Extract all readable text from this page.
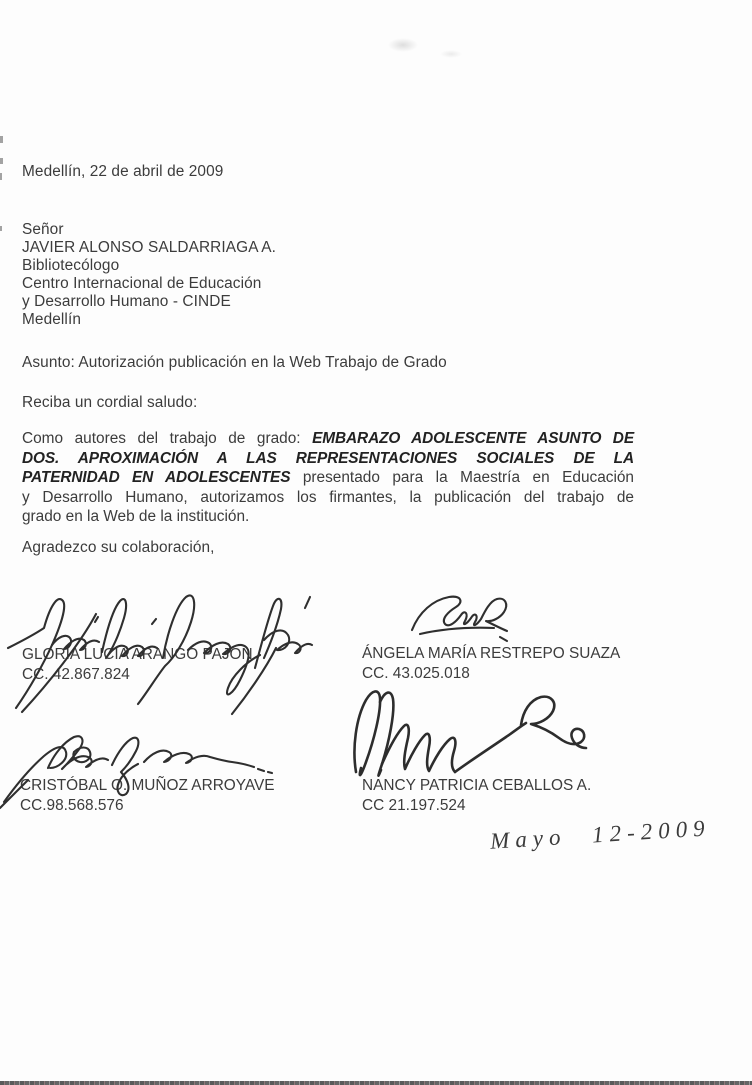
Medellín, 22 de abril de 2009
Señor
JAVIER ALONSO SALDARRIAGA A.
Bibliotecólogo
Centro Internacional de Educación
y Desarrollo Humano - CINDE
Medellín
Asunto: Autorización publicación en la Web Trabajo de Grado
Reciba un cordial saludo:
Como autores del trabajo de grado: EMBARAZO ADOLESCENTE ASUNTO DE
DOS. APROXIMACIÓN A LAS REPRESENTACIONES SOCIALES DE LA
PATERNIDAD EN ADOLESCENTES presentado para la Maestría en Educación
y Desarrollo Humano, autorizamos los firmantes, la publicación del trabajo de
grado en la Web de la institución.
Agradezco su colaboración,
GLORIA LUCIA ARANGO PAJÓN
CC. 42.867.824
ÁNGELA MARÍA RESTREPO SUAZA
CC. 43.025.018
CRISTÓBAL O. MUÑOZ ARROYAVE
CC.98.568.576
NANCY PATRICIA CEBALLOS A.
CC 21.197.524
Mayo 12-2009
